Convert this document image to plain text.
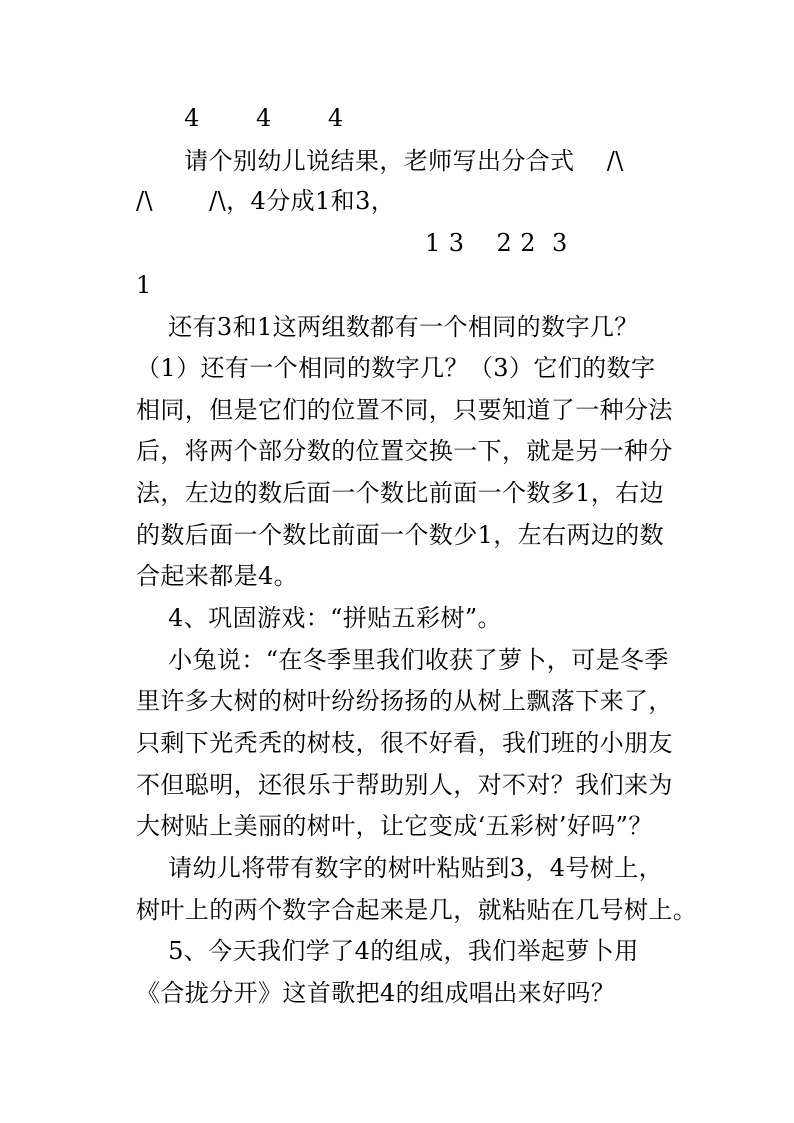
4       4       4
请个别幼儿说结果，老师写出分合式    /\
/\       /\，4分成1和3，
1 3    2 2  3
1
还有3和1这两组数都有一个相同的数字几？
（1）还有一个相同的数字几？（3）它们的数字
相同，但是它们的位置不同，只要知道了一种分法
后，将两个部分数的位置交换一下，就是另一种分
法，左边的数后面一个数比前面一个数多1，右边
的数后面一个数比前面一个数少1，左右两边的数
合起来都是4。
4、巩固游戏：“拼贴五彩树”。
小兔说：“在冬季里我们收获了萝卜，可是冬季
里许多大树的树叶纷纷扬扬的从树上飘落下来了，
只剩下光秃秃的树枝，很不好看，我们班的小朋友
不但聪明，还很乐于帮助别人，对不对？我们来为
大树贴上美丽的树叶，让它变成‘五彩树’好吗”？
请幼儿将带有数字的树叶粘贴到3，4号树上，
树叶上的两个数字合起来是几，就粘贴在几号树上。
5、今天我们学了4的组成，我们举起萝卜用
《合拢分开》这首歌把4的组成唱出来好吗？
